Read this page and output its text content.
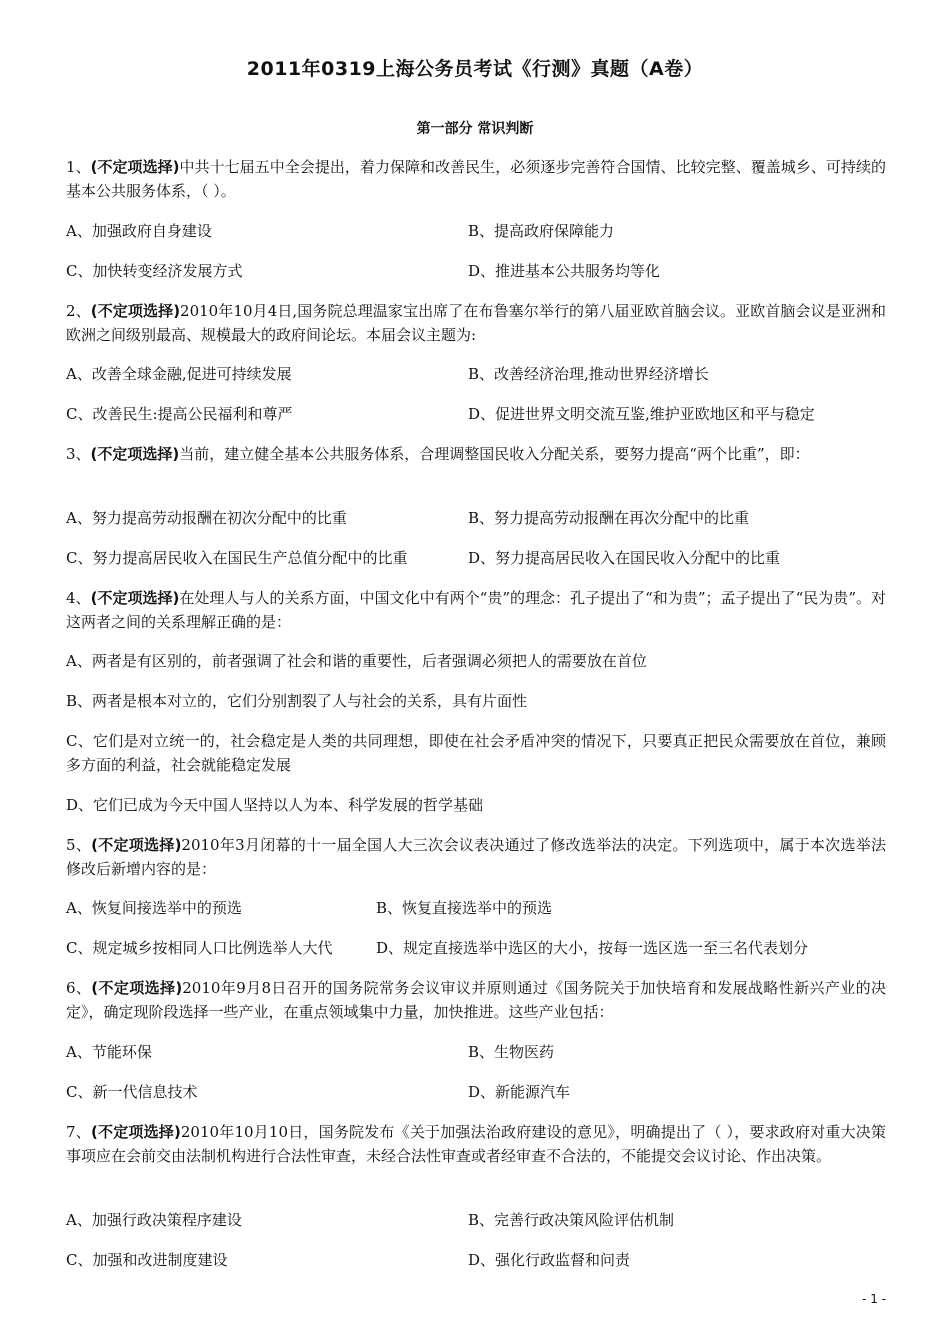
2011年0319上海公务员考试《行测》真题（A卷）
第一部分 常识判断
1、(不定项选择)中共十七届五中全会提出，着力保障和改善民生，必须逐步完善符合国情、比较完整、覆盖城乡、可持续的基本公共服务体系，（ ）。
A、加强政府自身建设	B、提高政府保障能力
C、加快转变经济发展方式	D、推进基本公共服务均等化
2、(不定项选择)2010年10月4日,国务院总理温家宝出席了在布鲁塞尔举行的第八届亚欧首脑会议。亚欧首脑会议是亚洲和欧洲之间级别最高、规模最大的政府间论坛。本届会议主题为:
A、改善全球金融,促进可持续发展	B、改善经济治理,推动世界经济增长
C、改善民生:提高公民福利和尊严	D、促进世界文明交流互鉴,维护亚欧地区和平与稳定
3、(不定项选择)当前，建立健全基本公共服务体系，合理调整国民收入分配关系，要努力提高“两个比重”，即：
A、努力提高劳动报酬在初次分配中的比重	B、努力提高劳动报酬在再次分配中的比重
C、努力提高居民收入在国民生产总值分配中的比重	D、努力提高居民收入在国民收入分配中的比重
4、(不定项选择)在处理人与人的关系方面，中国文化中有两个“贵”的理念：孔子提出了“和为贵”；孟子提出了“民为贵”。对这两者之间的关系理解正确的是：
A、两者是有区别的，前者强调了社会和谐的重要性，后者强调必须把人的需要放在首位
B、两者是根本对立的，它们分别割裂了人与社会的关系，具有片面性
C、它们是对立统一的，社会稳定是人类的共同理想，即使在社会矛盾冲突的情况下，只要真正把民众需要放在首位，兼顾多方面的利益，社会就能稳定发展
D、它们已成为今天中国人坚持以人为本、科学发展的哲学基础
5、(不定项选择)2010年3月闭幕的十一届全国人大三次会议表决通过了修改选举法的决定。下列选项中，属于本次选举法修改后新增内容的是：
A、恢复间接选举中的预选	B、恢复直接选举中的预选
C、规定城乡按相同人口比例选举人大代	D、规定直接选举中选区的大小，按每一选区选一至三名代表划分
6、(不定项选择)2010年9月8日召开的国务院常务会议审议并原则通过《国务院关于加快培育和发展战略性新兴产业的决定》，确定现阶段选择一些产业，在重点领域集中力量，加快推进。这些产业包括：
A、节能环保	B、生物医药
C、新一代信息技术	D、新能源汽车
7、(不定项选择)2010年10月10日，国务院发布《关于加强法治政府建设的意见》，明确提出了（ ），要求政府对重大决策事项应在会前交由法制机构进行合法性审查，未经合法性审查或者经审查不合法的，不能提交会议讨论、作出决策。
A、加强行政决策程序建设	B、完善行政决策风险评估机制
C、加强和改进制度建设	D、强化行政监督和问责
- 1 -
